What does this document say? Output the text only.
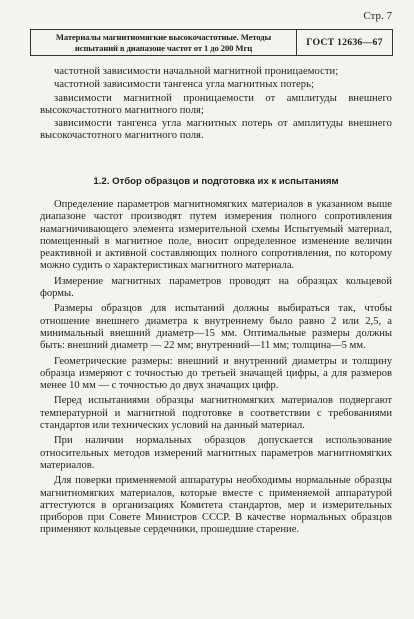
Стр. 7
Материалы магнитномягкие высокочастотные. Методы
испытаний в диапазоне частот от 1 до 200 Мгц	ГОСТ 12636—67

частотной зависимости начальной магнитной проницаемости;

частотной зависимости тангенса угла магнитных потерь;

зависимости магнитной проницаемости от амплитуды внешнего высокочастотного магнитного поля;

зависимости тангенса угла магнитных потерь от амплитуды внешнего высокочастотного магнитного поля.

1.2. Отбор образцов и подготовка их к испытаниям

Определение параметров магнитномягких материалов в указанном выше диапазоне частот производят путем измерения полного сопротивления намагничивающего элемента измерительной схемы Испытуемый материал, помещенный в магнитное поле, вносит определенное изменение величин реактивной и активной составляющих полного сопротивления, по которому можно судить о характеристиках магнитного материала.

Измерение магнитных параметров проводят на образцах кольцевой формы.

Размеры образцов для испытаний должны выбираться так, чтобы отношение внешнего диаметра к внутреннему было равно 2 или 2,5, а минимальный внешний диаметр—15 мм. Оптимальные размеры должны быть: внешний диаметр — 22 мм; внутренний—11 мм; толщина—5 мм.

Геометрические размеры: внешний и внутренний диаметры и толщину образца измеряют с точностью до третьей значащей цифры, а для размеров менее 10 мм — с точностью до двух значащих цифр.

Перед испытаниями образцы магнитномягких материалов подвергают температурной и магнитной подготовке в соответствии с требованиями стандартов или технических условий на данный материал.

При наличии нормальных образцов допускается использование относительных методов измерений магнитных параметров магнитномягких материалов.

Для поверки применяемой аппаратуры необходимы нормальные образцы магнитномягких материалов, которые вместе с применяемой аппаратурой аттестуются в организациях Комитета стандартов, мер и измерительных приборов при Совете Министров СССР. В качестве нормальных образцов применяют кольцевые сердечники, прошедшие старение.
